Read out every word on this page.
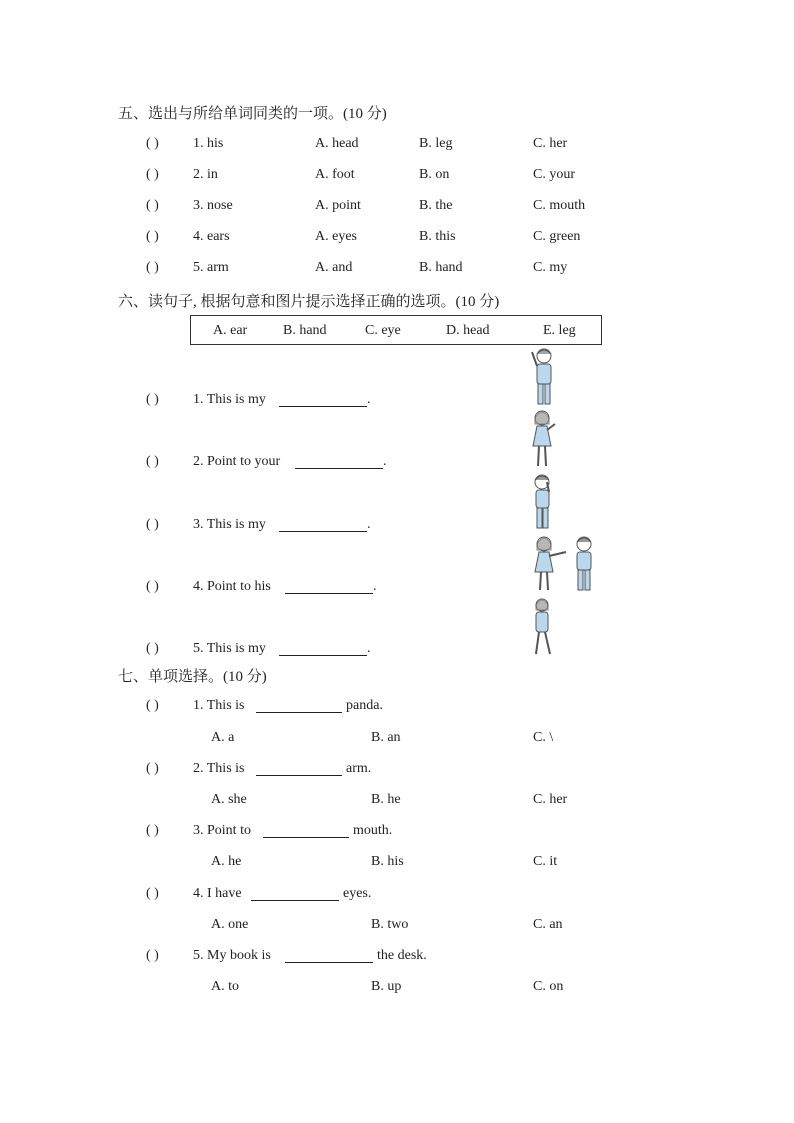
五、选出与所给单词同类的一项。(10 分)
( ) 1. his	A. head	B. leg	C. her
( ) 2. in	A. foot	B. on	C. your
( ) 3. nose	A. point	B. the	C. mouth
( ) 4. ears	A. eyes	B. this	C. green
( ) 5. arm	A. and	B. hand	C. my
六、读句子, 根据句意和图片提示选择正确的选项。(10 分)
A. ear	B. hand	C. eye	D. head	E. leg
( ) 1. This is my	.
( ) 2. Point to your	.
( ) 3. This is my	.
( ) 4. Point to his	.
( ) 5. This is my	.
七、单项选择。(10 分)
( ) 1. This is	panda.
A. a	B. an	C. \
( ) 2. This is	arm.
A. she	B. he	C. her
( ) 3. Point to	mouth.
A. he	B. his	C. it
( ) 4. I have	eyes.
A. one	B. two	C. an
( ) 5. My book is	the desk.
A. to	B. up	C. on
